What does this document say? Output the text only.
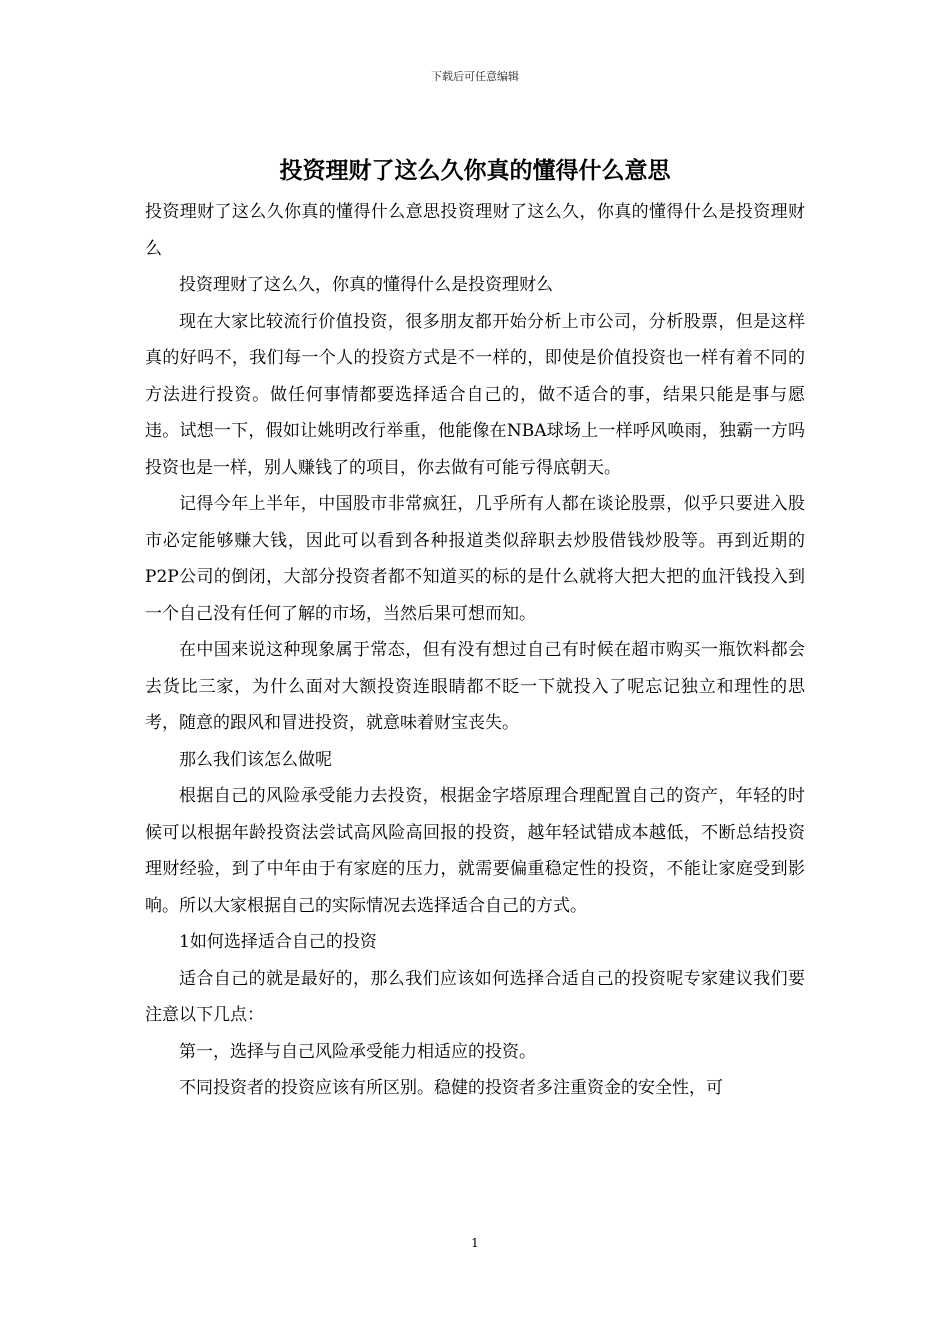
下载后可任意编辑
投资理财了这么久你真的懂得什么意思

投资理财了这么久你真的懂得什么意思投资理财了这么久，你真的懂得什么是投资理财么

投资理财了这么久，你真的懂得什么是投资理财么

现在大家比较流行价值投资，很多朋友都开始分析上市公司，分析股票，但是这样真的好吗不，我们每一个人的投资方式是不一样的，即使是价值投资也一样有着不同的方法进行投资。做任何事情都要选择适合自己的，做不适合的事，结果只能是事与愿违。试想一下，假如让姚明改行举重，他能像在NBA球场上一样呼风唤雨，独霸一方吗投资也是一样，别人赚钱了的项目，你去做有可能亏得底朝天。

记得今年上半年，中国股市非常疯狂，几乎所有人都在谈论股票，似乎只要进入股市必定能够赚大钱，因此可以看到各种报道类似辞职去炒股借钱炒股等。再到近期的P2P公司的倒闭，大部分投资者都不知道买的标的是什么就将大把大把的血汗钱投入到一个自己没有任何了解的市场，当然后果可想而知。

在中国来说这种现象属于常态，但有没有想过自己有时候在超市购买一瓶饮料都会去货比三家，为什么面对大额投资连眼睛都不眨一下就投入了呢忘记独立和理性的思考，随意的跟风和冒进投资，就意味着财宝丧失。

那么我们该怎么做呢

根据自己的风险承受能力去投资，根据金字塔原理合理配置自己的资产，年轻的时候可以根据年龄投资法尝试高风险高回报的投资，越年轻试错成本越低，不断总结投资理财经验，到了中年由于有家庭的压力，就需要偏重稳定性的投资，不能让家庭受到影响。所以大家根据自己的实际情况去选择适合自己的方式。

1如何选择适合自己的投资

适合自己的就是最好的，那么我们应该如何选择合适自己的投资呢专家建议我们要注意以下几点：

第一，选择与自己风险承受能力相适应的投资。

不同投资者的投资应该有所区别。稳健的投资者多注重资金的安全性，可

1
